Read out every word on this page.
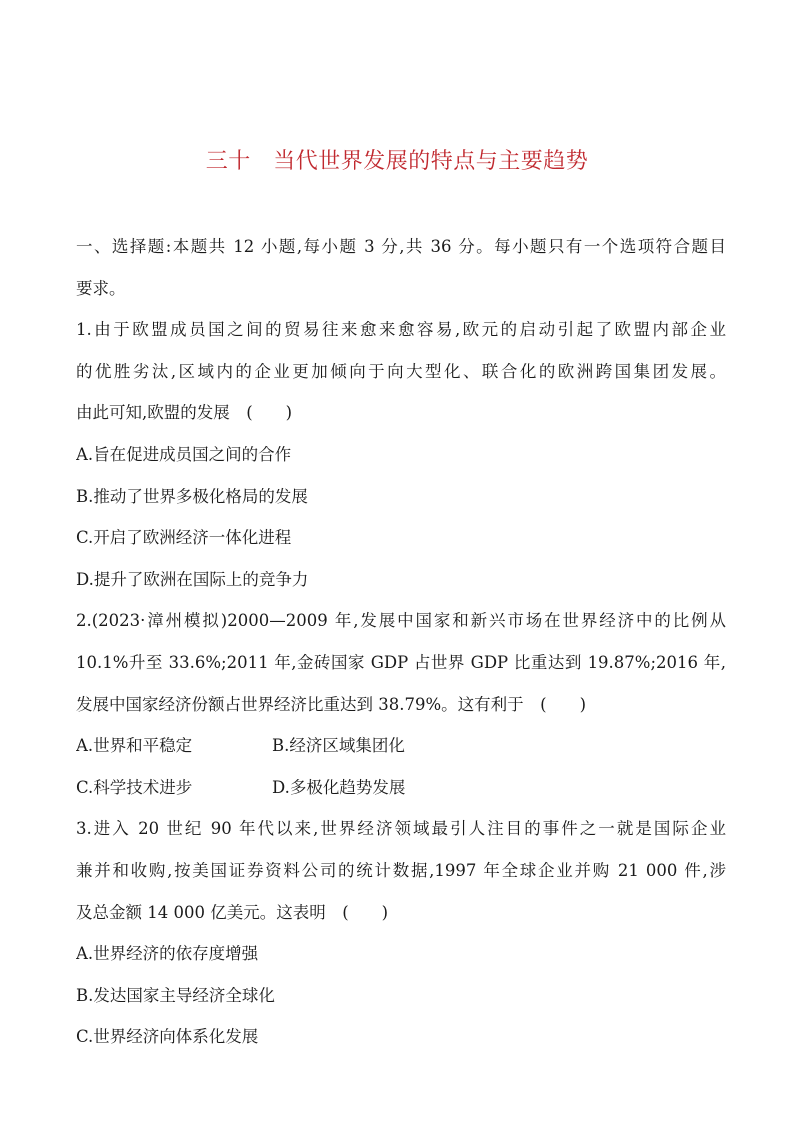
三十　当代世界发展的特点与主要趋势
一、选择题:本题共 12 小题,每小题 3 分,共 36 分。每小题只有一个选项符合题目
要求。
1.由于欧盟成员国之间的贸易往来愈来愈容易,欧元的启动引起了欧盟内部企业
的优胜劣汰,区域内的企业更加倾向于向大型化、联合化的欧洲跨国集团发展。
由此可知,欧盟的发展　(　　)
A.旨在促进成员国之间的合作
B.推动了世界多极化格局的发展
C.开启了欧洲经济一体化进程
D.提升了欧洲在国际上的竞争力
2.(2023·漳州模拟)2000—2009 年,发展中国家和新兴市场在世界经济中的比例从
10.1%升至 33.6%;2011 年,金砖国家 GDP 占世界 GDP 比重达到 19.87%;2016 年,
发展中国家经济份额占世界经济比重达到 38.79%。这有利于　(　　)
A.世界和平稳定	B.经济区域集团化
C.科学技术进步	D.多极化趋势发展
3.进入 20 世纪 90 年代以来,世界经济领域最引人注目的事件之一就是国际企业
兼并和收购,按美国证券资料公司的统计数据,1997 年全球企业并购 21 000 件,涉
及总金额 14 000 亿美元。这表明　(　　)
A.世界经济的依存度增强
B.发达国家主导经济全球化
C.世界经济向体系化发展
